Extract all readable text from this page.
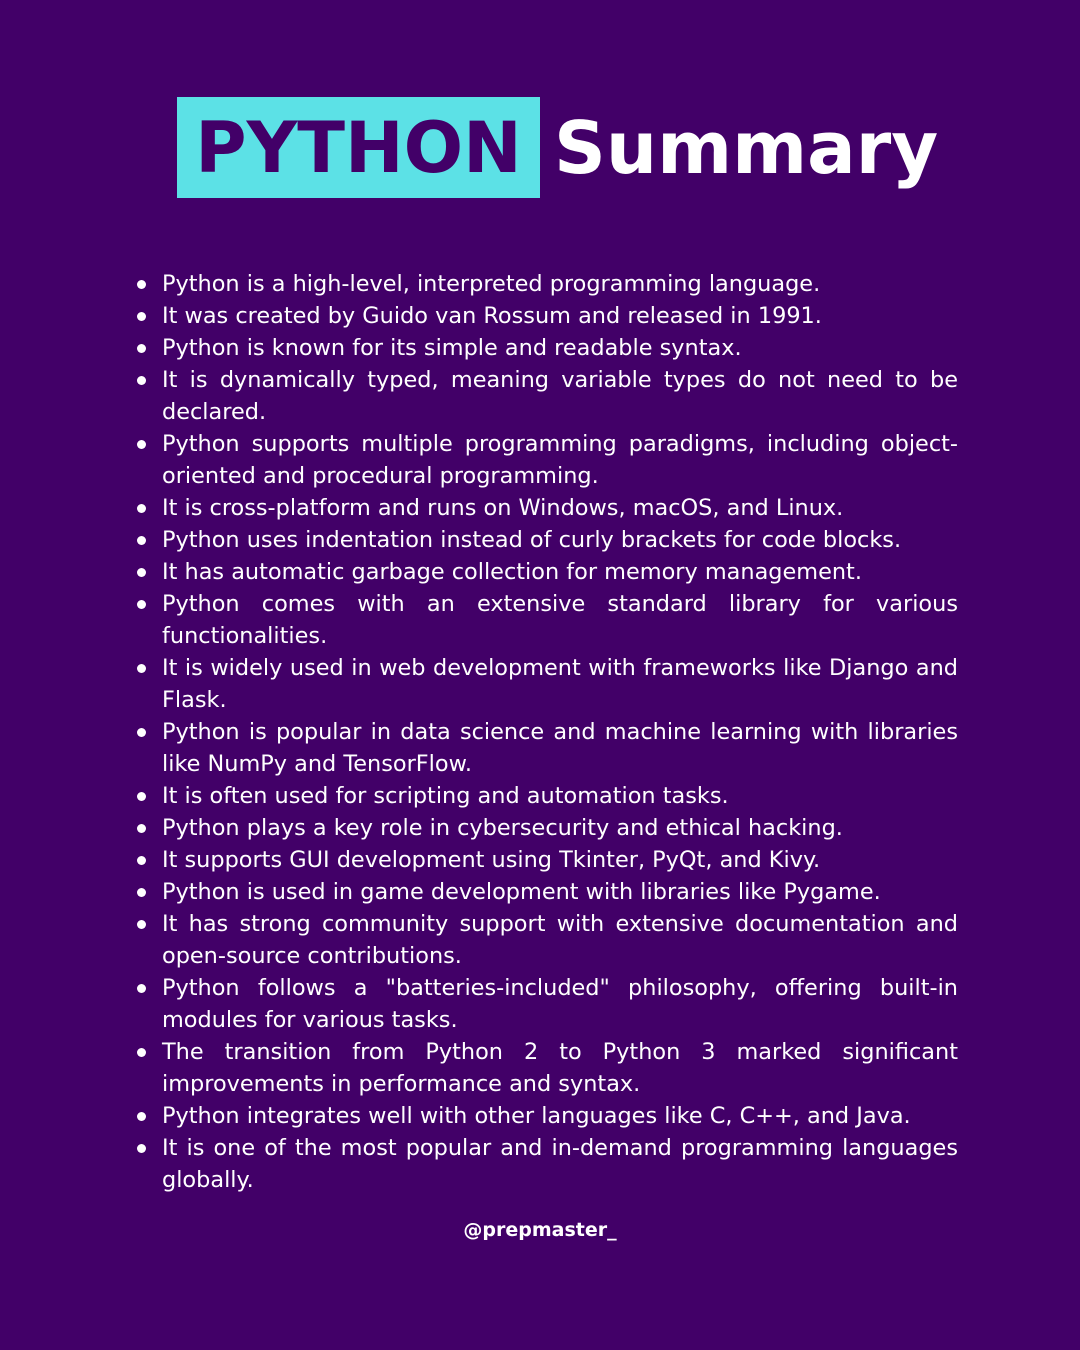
PYTHON Summary
Python is a high-level, interpreted programming language.
It was created by Guido van Rossum and released in 1991.
Python is known for its simple and readable syntax.
It is dynamically typed, meaning variable types do not need to be declared.
Python supports multiple programming paradigms, including object-oriented and procedural programming.
It is cross-platform and runs on Windows, macOS, and Linux.
Python uses indentation instead of curly brackets for code blocks.
It has automatic garbage collection for memory management.
Python comes with an extensive standard library for various functionalities.
It is widely used in web development with frameworks like Django and Flask.
Python is popular in data science and machine learning with libraries like NumPy and TensorFlow.
It is often used for scripting and automation tasks.
Python plays a key role in cybersecurity and ethical hacking.
It supports GUI development using Tkinter, PyQt, and Kivy.
Python is used in game development with libraries like Pygame.
It has strong community support with extensive documentation and open-source contributions.
Python follows a "batteries-included" philosophy, offering built-in modules for various tasks.
The transition from Python 2 to Python 3 marked significant improvements in performance and syntax.
Python integrates well with other languages like C, C++, and Java.
It is one of the most popular and in-demand programming languages globally.
@prepmaster_
